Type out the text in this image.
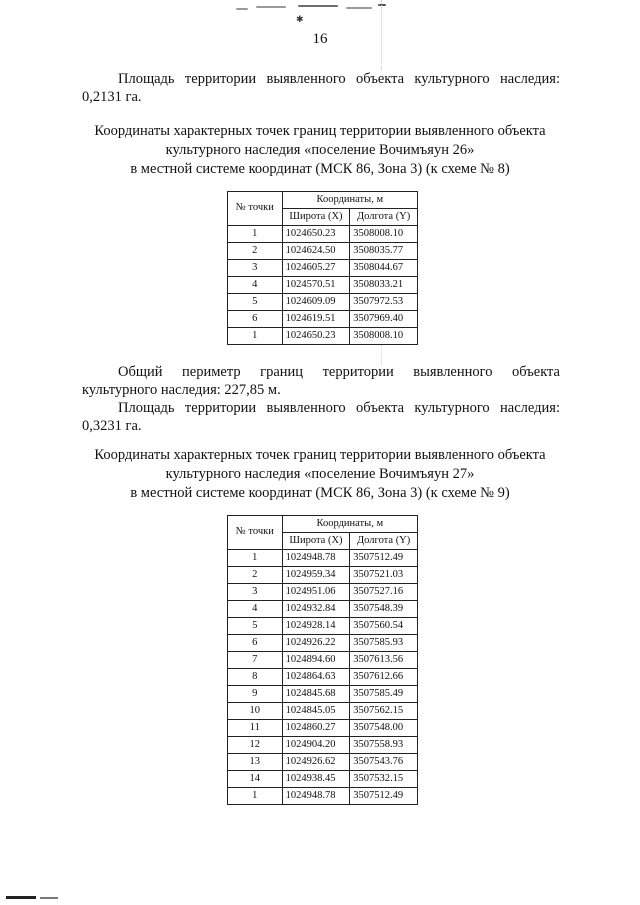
✱
16
Площадь территории выявленного объекта культурного наследия:
0,2131 га.
Координаты характерных точек границ территории выявленного объекта
культурного наследия «поселение Вочимъяун 26»
в местной системе координат (МСК 86, Зона 3) (к схеме № 8)
№ точки	Координаты, м	
	Широта (X)	Долгота (Y)
1	1024650.23	3508008.10
2	1024624.50	3508035.77
3	1024605.27	3508044.67
4	1024570.51	3508033.21
5	1024609.09	3507972.53
6	1024619.51	3507969.40
1	1024650.23	3508008.10
Общий периметр границ территории выявленного объекта
культурного наследия: 227,85 м.
Площадь территории выявленного объекта культурного наследия:
0,3231 га.
Координаты характерных точек границ территории выявленного объекта
культурного наследия «поселение Вочимъяун 27»
в местной системе координат (МСК 86, Зона 3) (к схеме № 9)
№ точки	Координаты, м	
	Широта (X)	Долгота (Y)
1	1024948.78	3507512.49
2	1024959.34	3507521.03
3	1024951.06	3507527.16
4	1024932.84	3507548.39
5	1024928.14	3507560.54
6	1024926.22	3507585.93
7	1024894.60	3507613.56
8	1024864.63	3507612.66
9	1024845.68	3507585.49
10	1024845.05	3507562.15
11	1024860.27	3507548.00
12	1024904.20	3507558.93
13	1024926.62	3507543.76
14	1024938.45	3507532.15
1	1024948.78	3507512.49
